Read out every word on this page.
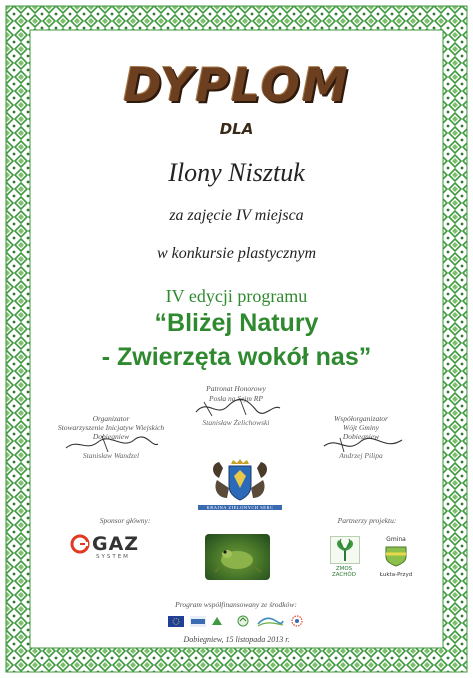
DYPLOM
DLA
Ilony Nisztuk
za zajęcie IV miejsca
w konkursie plastycznym
IV edycji programu
“Bliżej Natury
- Zwierzęta wokół nas”
Patronat Honorowy
Posła na Sejm RP
Stanisław Żelichowski
Organizator
Stowarzyszenie Inicjatyw Wiejskich
Dobiegniew
Stanisław Wandzel
Współorganizator
Wójt Gminy
Dobiegniew
Andrzej Pilipa
KRAINA ZIELONYCH SERC
Sponsor główny:
GAZ
SYSTEM
Partnerzy projektu:
ZMOS
ZACHÓD
Gmina
Łukta-Przyd
Program współfinansowany ze środków:
Dobiegniew, 15 listopada 2013 r.
